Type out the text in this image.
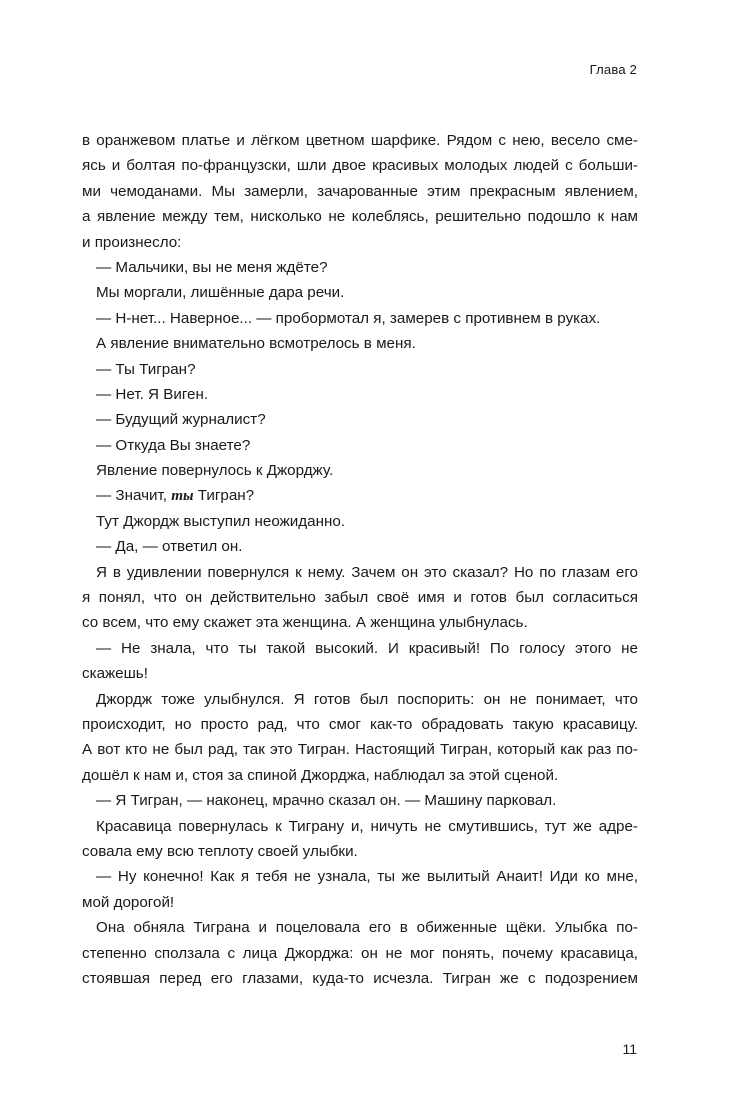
Глава 2
в оранжевом платье и лёгком цветном шарфике. Рядом с нею, весело сме-
ясь и болтая по-французски, шли двое красивых молодых людей с больши-
ми чемоданами. Мы замерли, зачарованные этим прекрасным явлением,
а явление между тем, нисколько не колеблясь, решительно подошло к нам
и произнесло:
— Мальчики, вы не меня ждёте?
Мы моргали, лишённые дара речи.
— Н-нет... Наверное... — пробормотал я, замерев с противнем в руках.
А явление внимательно всмотрелось в меня.
— Ты Тигран?
— Нет. Я Виген.
— Будущий журналист?
— Откуда Вы знаете?
Явление повернулось к Джорджу.
— Значит, ты Тигран?
Тут Джордж выступил неожиданно.
— Да, — ответил он.
Я в удивлении повернулся к нему. Зачем он это сказал? Но по глазам его
я понял, что он действительно забыл своё имя и готов был согласиться
со всем, что ему скажет эта женщина. А женщина улыбнулась.
— Не знала, что ты такой высокий. И красивый! По голосу этого не
скажешь!
Джордж тоже улыбнулся. Я готов был поспорить: он не понимает, что
происходит, но просто рад, что смог как-то обрадовать такую красавицу.
А вот кто не был рад, так это Тигран. Настоящий Тигран, который как раз по-
дошёл к нам и, стоя за спиной Джорджа, наблюдал за этой сценой.
— Я Тигран, — наконец, мрачно сказал он. — Машину парковал.
Красавица повернулась к Тиграну и, ничуть не смутившись, тут же адре-
совала ему всю теплоту своей улыбки.
— Ну конечно! Как я тебя не узнала, ты же вылитый Анаит! Иди ко мне,
мой дорогой!
Она обняла Тиграна и поцеловала его в обиженные щёки. Улыбка по-
степенно сползала с лица Джорджа: он не мог понять, почему красавица,
стоявшая перед его глазами, куда-то исчезла. Тигран же с подозрением
11
